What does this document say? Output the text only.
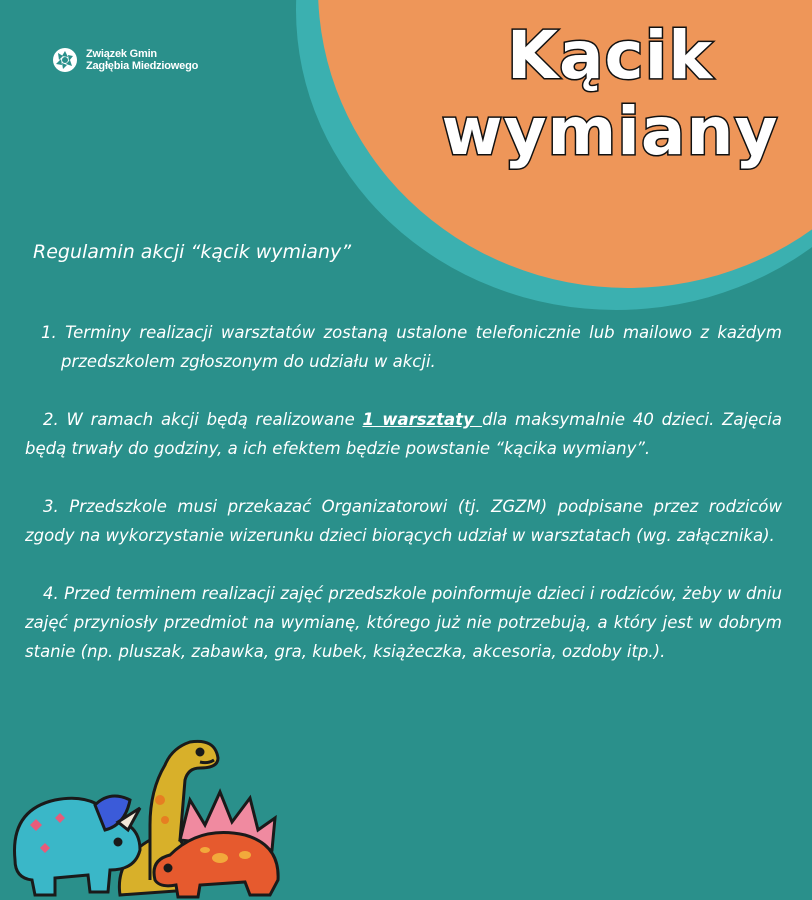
Związek Gmin
Zagłębia Miedziowego	Kącik
wymiany
Regulamin akcji “kącik wymiany”

1. Terminy realizacji warsztatów zostaną ustalone telefonicznie lub mailowo z każdym przedszkolem zgłoszonym do udziału w akcji.

2. W ramach akcji będą realizowane 1 warsztaty dla maksymalnie 40 dzieci. Zajęcia będą trwały do godziny, a ich efektem będzie powstanie “kącika wymiany”.

3. Przedszkole musi przekazać Organizatorowi (tj. ZGZM) podpisane przez rodziców zgody na wykorzystanie wizerunku dzieci biorących udział w warsztatach (wg. załącznika).

4. Przed terminem realizacji zajęć przedszkole poinformuje dzieci i rodziców, żeby w dniu zajęć przyniosły przedmiot na wymianę, którego już nie potrzebują, a który jest w dobrym stanie (np. pluszak, zabawka, gra, kubek, książeczka, akcesoria, ozdoby itp.).
